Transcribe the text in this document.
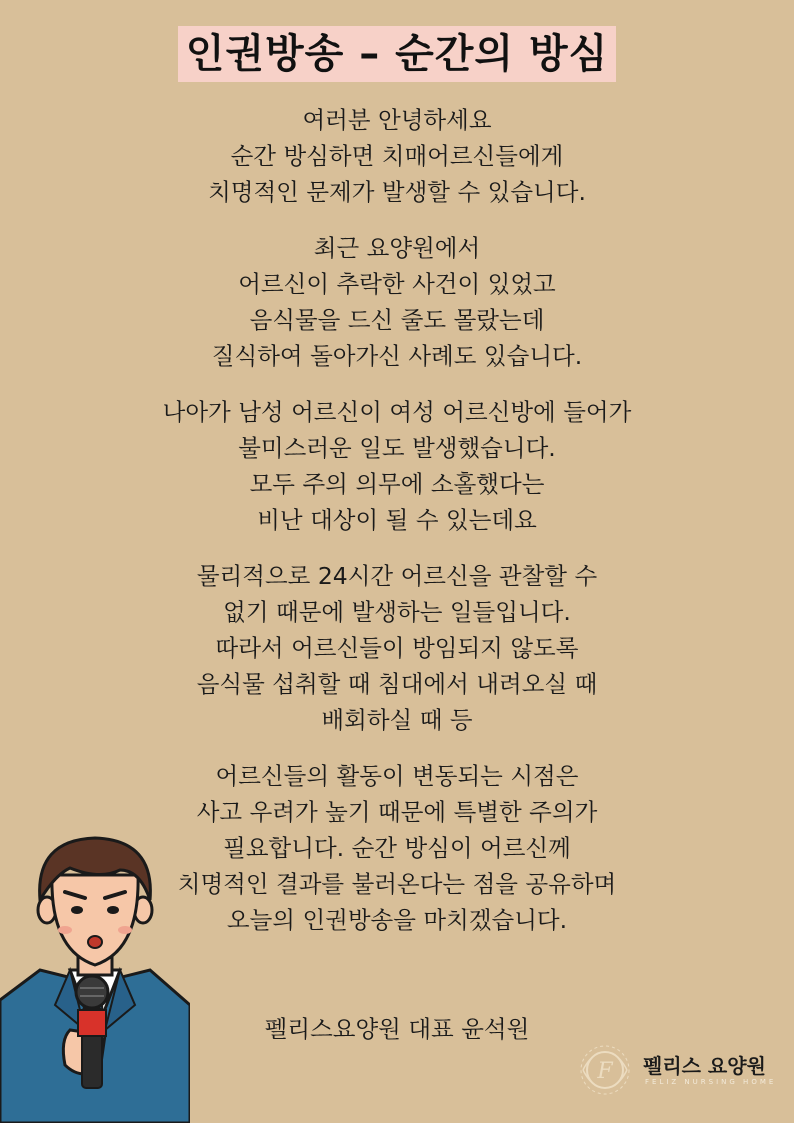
인권방송 – 순간의 방심
여러분 안녕하세요
순간 방심하면 치매어르신들에게
치명적인 문제가 발생할 수 있습니다.
최근 요양원에서
어르신이 추락한 사건이 있었고
음식물을 드신 줄도 몰랐는데
질식하여 돌아가신 사례도 있습니다.
나아가 남성 어르신이 여성 어르신방에 들어가
불미스러운 일도 발생했습니다.
모두 주의 의무에 소홀했다는
비난 대상이 될 수 있는데요
물리적으로 24시간 어르신을 관찰할 수
없기 때문에 발생하는 일들입니다.
따라서 어르신들이 방임되지 않도록
음식물 섭취할 때 침대에서 내려오실 때
배회하실 때 등
어르신들의 활동이 변동되는 시점은
사고 우려가 높기 때문에 특별한 주의가
필요합니다. 순간 방심이 어르신께
치명적인 결과를 불러온다는 점을 공유하며
오늘의 인권방송을 마치겠습니다.
펠리스요양원 대표 윤석원
F 펠리스 요양원
FELIZ NURSING HOME
